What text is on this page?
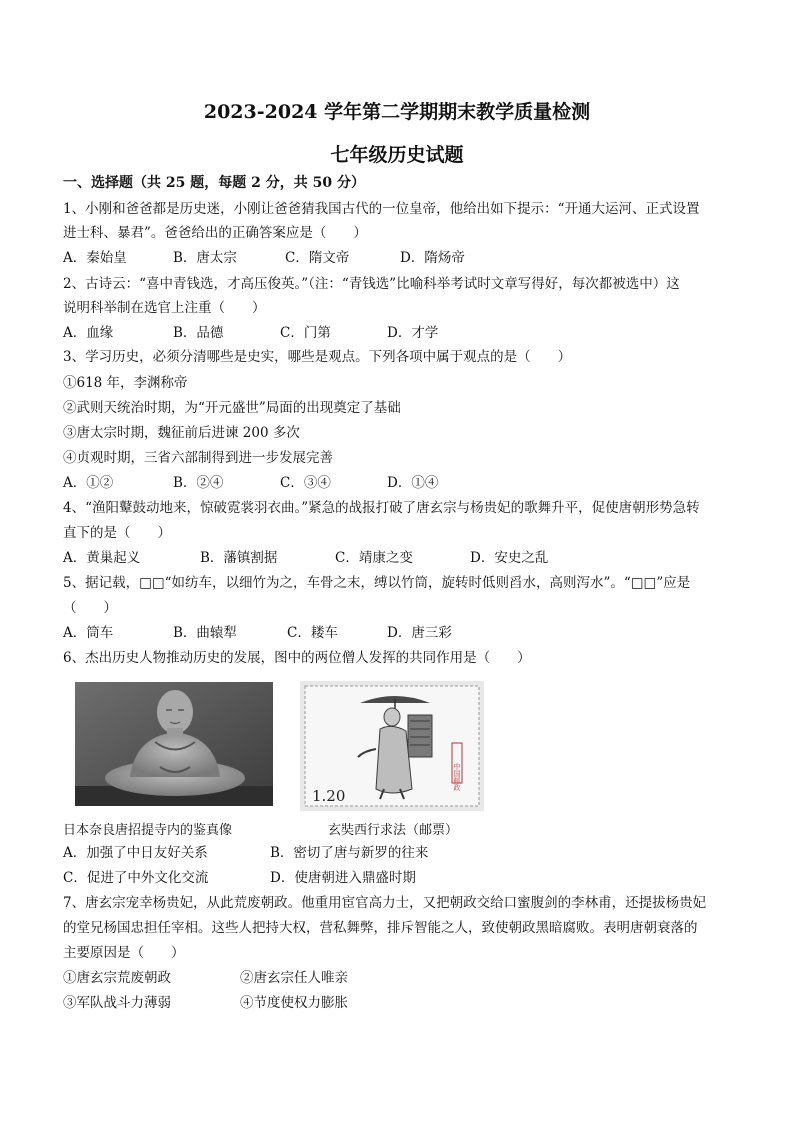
2023-2024 学年第二学期期末教学质量检测
七年级历史试题
一、选择题（共 25 题，每题 2 分，共 50 分）
1、小刚和爸爸都是历史迷，小刚让爸爸猜我国古代的一位皇帝，他给出如下提示：“开通大运河、正式设置
进士科、暴君”。爸爸给出的正确答案应是（　　）
A．秦始皇	B．唐太宗	C．隋文帝	D．隋炀帝
2、古诗云：“喜中青钱选，才高压俊英。”（注：“青钱选”比喻科举考试时文章写得好，每次都被选中）这
说明科举制在选官上注重（　　）
A．血缘	B．品德	C．门第	D．才学
3、学习历史，必须分清哪些是史实，哪些是观点。下列各项中属于观点的是（　　）
①618 年，李渊称帝
②武则天统治时期，为“开元盛世”局面的出现奠定了基础
③唐太宗时期，魏征前后进谏 200 多次
④贞观时期，三省六部制得到进一步发展完善
A．①②	B．②④	C．③④	D．①④
4、“渔阳鼙鼓动地来，惊破霓裳羽衣曲。”紧急的战报打破了唐玄宗与杨贵妃的歌舞升平，促使唐朝形势急转
直下的是（　　）
A．黄巢起义	B．藩镇割据	C．靖康之变	D．安史之乱
5、据记载，□□“如纺车，以细竹为之，车骨之末，缚以竹筒，旋转时低则舀水，高则泻水”。“□□”应是
（　　）
A．筒车	B．曲辕犁	C．耧车	D．唐三彩
6、杰出历史人物推动历史的发展，图中的两位僧人发挥的共同作用是（　　）
中国邮政
1.20
日本奈良唐招提寺内的鉴真像	玄奘西行求法（邮票）
A．加强了中日友好关系	B．密切了唐与新罗的往来
C．促进了中外文化交流	D．使唐朝进入鼎盛时期
7、唐玄宗宠幸杨贵妃，从此荒废朝政。他重用宦官高力士，又把朝政交给口蜜腹剑的李林甫，还提拔杨贵妃
的堂兄杨国忠担任宰相。这些人把持大权，营私舞弊，排斥智能之人，致使朝政黑暗腐败。表明唐朝衰落的
主要原因是（　　）
①唐玄宗荒废朝政	②唐玄宗任人唯亲
③军队战斗力薄弱	④节度使权力膨胀
